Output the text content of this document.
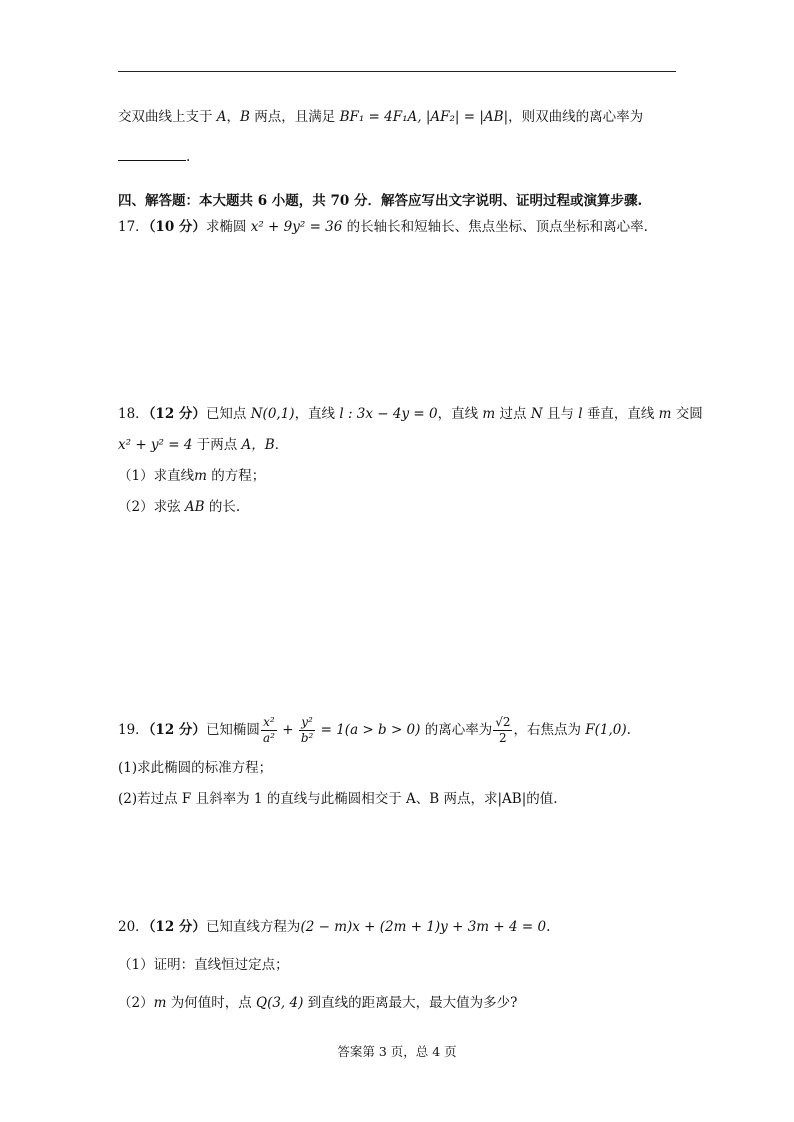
交双曲线上支于 A，B 两点，且满足 BF₁ = 4F₁A, |AF₂| = |AB|，则双曲线的离心率为
.
四、解答题：本大题共 6 小题，共 70 分．解答应写出文字说明、证明过程或演算步骤.
17．（10 分）求椭圆 x² + 9y² = 36 的长轴长和短轴长、焦点坐标、顶点坐标和离心率.
18．（12 分）已知点 N(0,1)，直线 l : 3x − 4y = 0，直线 m 过点 N 且与 l 垂直，直线 m 交圆
x² + y² = 4 于两点 A，B．
（1）求直线m 的方程；
（2）求弦 AB 的长.
19．（12 分）已知椭圆 $\frac{\text{x²}}{\text{a²}} + \frac{\text{y²}}{\text{b²}} = 1(a > b > 0)$ 的离心率为 $\frac{√2}{2}$ ，右焦点为 F(1,0).
(1)求此椭圆的标准方程；
(2)若过点 F 且斜率为 1 的直线与此椭圆相交于 A、B 两点，求|AB|的值.
20．（12 分）已知直线方程为(2 − m)x + (2m + 1)y + 3m + 4 = 0.
（1）证明：直线恒过定点；
（2）m 为何值时，点 Q(3, 4) 到直线的距离最大，最大值为多少?
答案第 3 页，总 4 页
